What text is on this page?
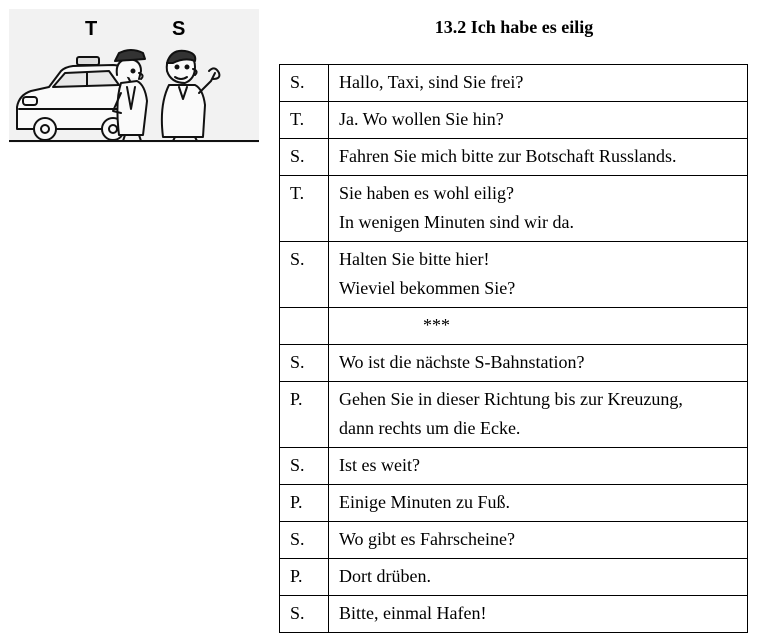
T	S	13.2 Ich habe es eilig
S.	Hallo, Taxi, sind Sie frei?

T.	Ja. Wo wollen Sie hin?

S.	Fahren Sie mich bitte zur Botschaft Russlands.

T.	Sie haben es wohl eilig?
In wenigen Minuten sind wir da.

S.	Halten Sie bitte hier!
Wieviel bekommen Sie?

	***

S.	Wo ist die nächste S-Bahnstation?

P.	Gehen Sie in dieser Richtung bis zur Kreuzung,
dann rechts um die Ecke.

S.	Ist es weit?

P.	Einige Minuten zu Fuß.

S.	Wo gibt es Fahrscheine?

P.	Dort drüben.

S.	Bitte, einmal Hafen!
